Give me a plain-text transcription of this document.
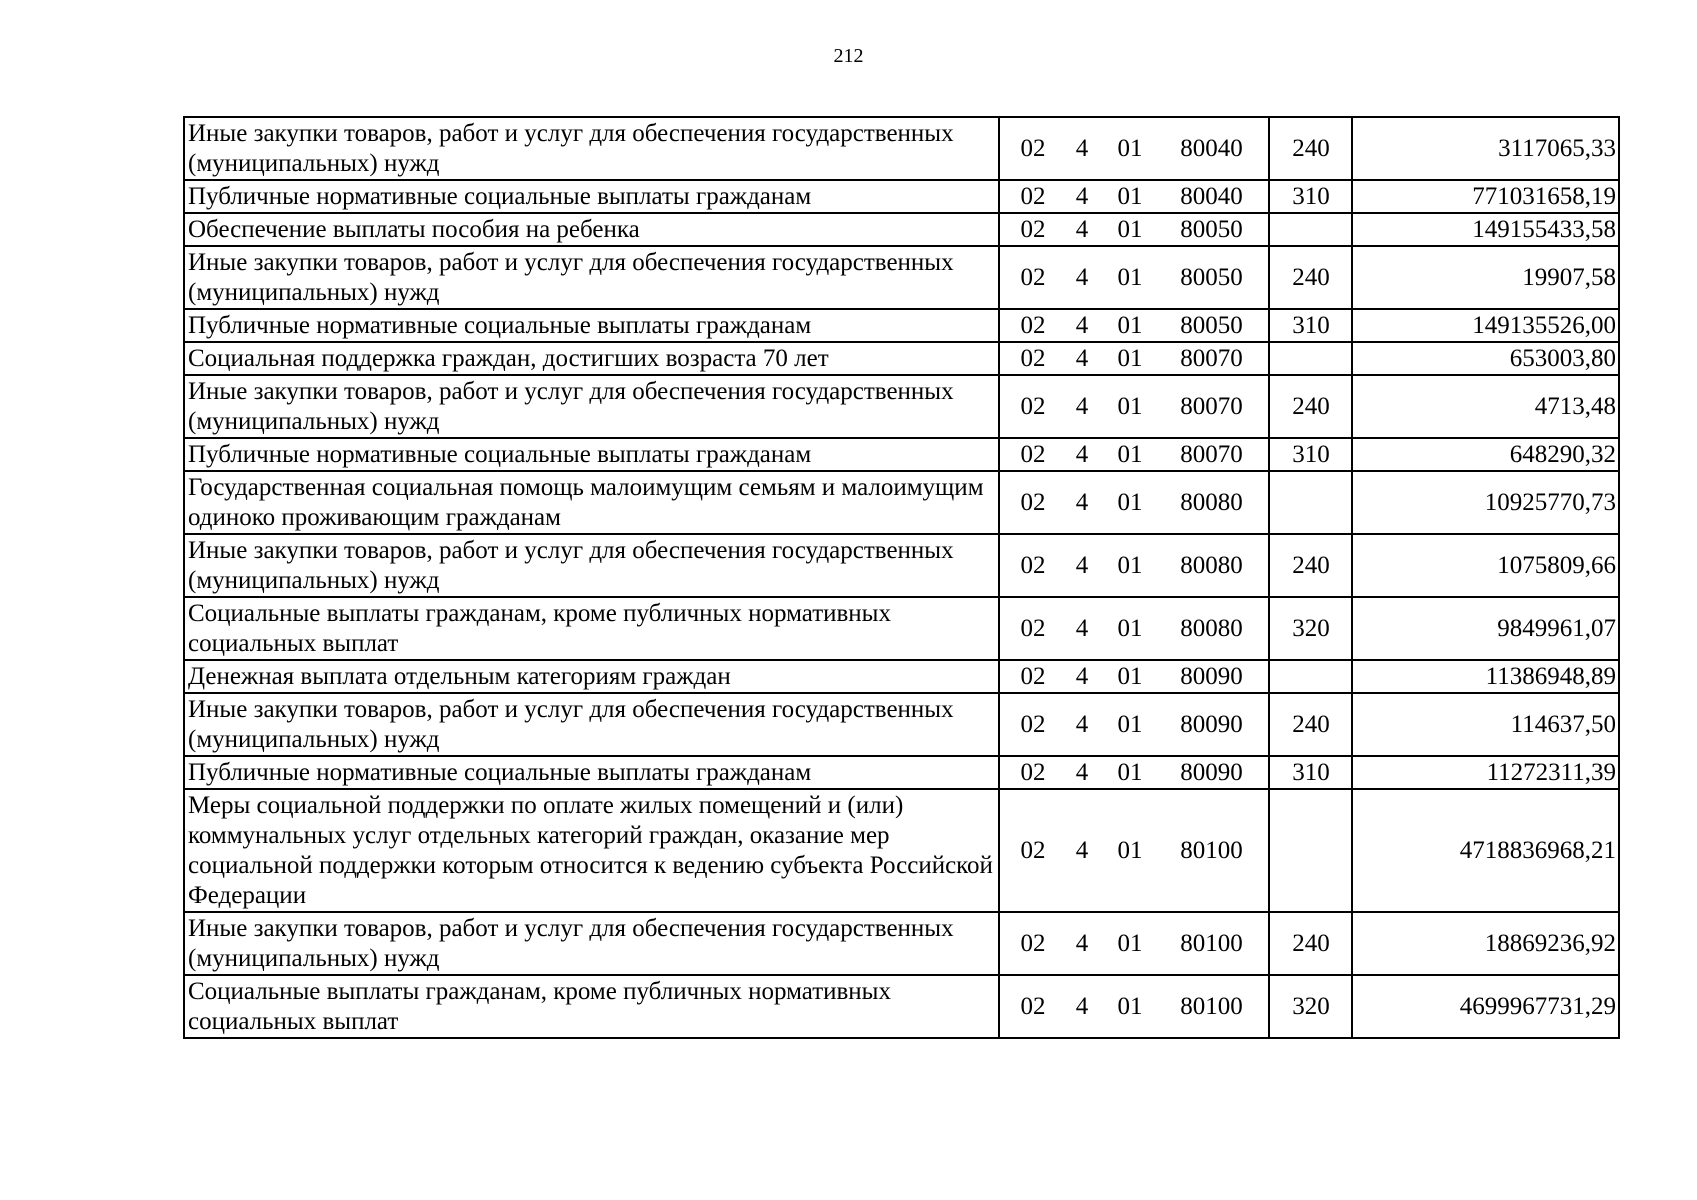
212
Иные закупки товаров, работ и услуг для обеспечения государственных (муниципальных) нужд	02 4 01 80040	240	3117065,33
Публичные нормативные социальные выплаты гражданам	02 4 01 80040	310	771031658,19
Обеспечение выплаты пособия на ребенка	02 4 01 80050		149155433,58
Иные закупки товаров, работ и услуг для обеспечения государственных (муниципальных) нужд	02 4 01 80050	240	19907,58
Публичные нормативные социальные выплаты гражданам	02 4 01 80050	310	149135526,00
Социальная поддержка граждан, достигших возраста 70 лет	02 4 01 80070		653003,80
Иные закупки товаров, работ и услуг для обеспечения государственных (муниципальных) нужд	02 4 01 80070	240	4713,48
Публичные нормативные социальные выплаты гражданам	02 4 01 80070	310	648290,32
Государственная социальная помощь малоимущим семьям и малоимущим одиноко проживающим гражданам	02 4 01 80080		10925770,73
Иные закупки товаров, работ и услуг для обеспечения государственных (муниципальных) нужд	02 4 01 80080	240	1075809,66
Социальные выплаты гражданам, кроме публичных нормативных социальных выплат	02 4 01 80080	320	9849961,07
Денежная выплата отдельным категориям граждан	02 4 01 80090		11386948,89
Иные закупки товаров, работ и услуг для обеспечения государственных (муниципальных) нужд	02 4 01 80090	240	114637,50
Публичные нормативные социальные выплаты гражданам	02 4 01 80090	310	11272311,39
Меры социальной поддержки по оплате жилых помещений и (или) коммунальных услуг отдельных категорий граждан, оказание мер социальной поддержки которым относится к ведению субъекта Российской Федерации	02 4 01 80100		4718836968,21
Иные закупки товаров, работ и услуг для обеспечения государственных (муниципальных) нужд	02 4 01 80100	240	18869236,92
Социальные выплаты гражданам, кроме публичных нормативных социальных выплат	02 4 01 80100	320	4699967731,29
